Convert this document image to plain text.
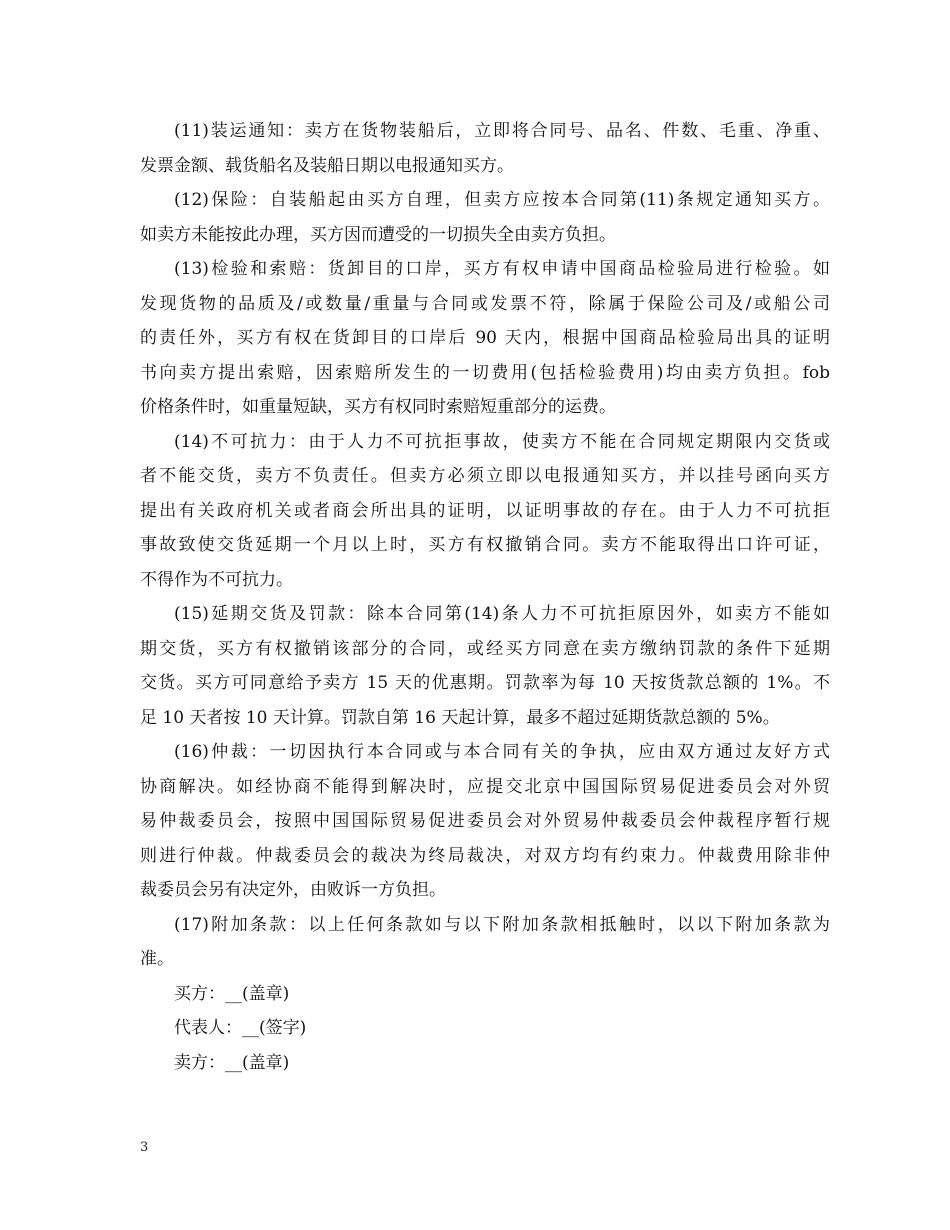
(11)装运通知：卖方在货物装船后，立即将合同号、品名、件数、毛重、净重、
发票金额、载货船名及装船日期以电报通知买方。
(12)保险：自装船起由买方自理，但卖方应按本合同第(11)条规定通知买方。
如卖方未能按此办理，买方因而遭受的一切损失全由卖方负担。
(13)检验和索赔：货卸目的口岸，买方有权申请中国商品检验局进行检验。如
发现货物的品质及/或数量/重量与合同或发票不符，除属于保险公司及/或船公司
的责任外，买方有权在货卸目的口岸后 90 天内，根据中国商品检验局出具的证明
书向卖方提出索赔，因索赔所发生的一切费用(包括检验费用)均由卖方负担。fob
价格条件时，如重量短缺，买方有权同时索赔短重部分的运费。
(14)不可抗力：由于人力不可抗拒事故，使卖方不能在合同规定期限内交货或
者不能交货，卖方不负责任。但卖方必须立即以电报通知买方，并以挂号函向买方
提出有关政府机关或者商会所出具的证明，以证明事故的存在。由于人力不可抗拒
事故致使交货延期一个月以上时，买方有权撤销合同。卖方不能取得出口许可证，
不得作为不可抗力。
(15)延期交货及罚款：除本合同第(14)条人力不可抗拒原因外，如卖方不能如
期交货，买方有权撤销该部分的合同，或经买方同意在卖方缴纳罚款的条件下延期
交货。买方可同意给予卖方 15 天的优惠期。罚款率为每 10 天按货款总额的 1%。不
足 10 天者按 10 天计算。罚款自第 16 天起计算，最多不超过延期货款总额的 5%。
(16)仲裁：一切因执行本合同或与本合同有关的争执，应由双方通过友好方式
协商解决。如经协商不能得到解决时，应提交北京中国国际贸易促进委员会对外贸
易仲裁委员会，按照中国国际贸易促进委员会对外贸易仲裁委员会仲裁程序暂行规
则进行仲裁。仲裁委员会的裁决为终局裁决，对双方均有约束力。仲裁费用除非仲
裁委员会另有决定外，由败诉一方负担。
(17)附加条款：以上任何条款如与以下附加条款相抵触时，以以下附加条款为
准。
买方：__(盖章)
代表人：__(签字)
卖方：__(盖章)
3
